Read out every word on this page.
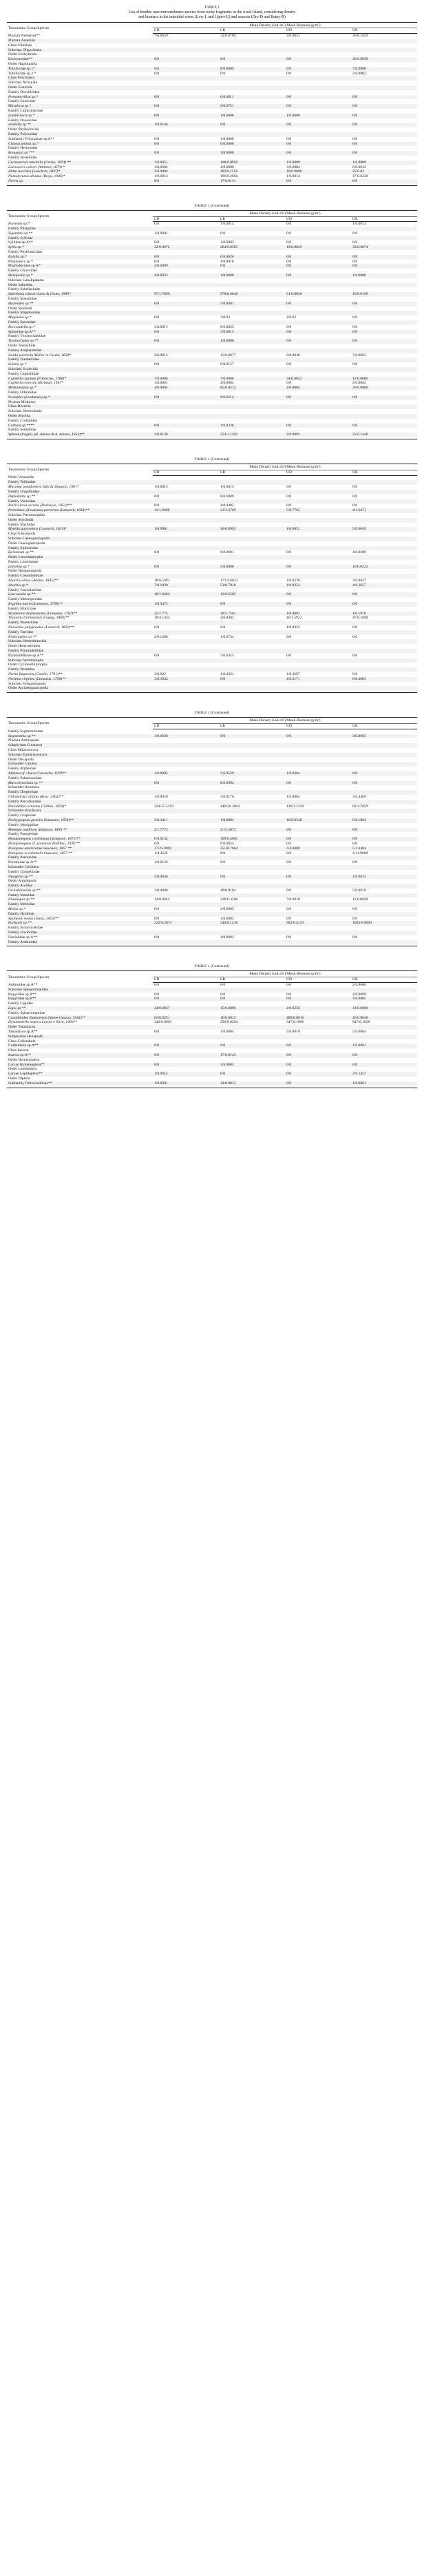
TABLE 1
List of benthic macroinvertebrates species from rocky fragments in the Areal Island, considering density
and biomass in the intertidal zones (Low-L and Upper-U) and seasons (Dry-D and Rainy-R)
Taxonomic Group/Species	Mean Density (ind./m²)/Mean Biomass (g/m²)			
	LD	LR	UD	UR
Phylum Nemertea**	7/0.0059	32/0.0789	3/0.0031	36/0.1629
Phylum Annelida				
Class Clitellata				
Subclass Oligochaeta				
Order Enchytreida				
Enchytreidae**	0/0	0/0	0/0	36/0.0039
Order Haplotaxida				
Tubificidae sp.1*	0/0	8/0.0009	0/0	7/0.0008
Tubificidae sp.2 *	0/0	0/0	0/0	2/0.0002
Class Polychaeta				
Subclass Aciculata				
Order Eunicida				
Family Dorvilleidae				
Protodorvillea sp.*	0/0	6/0.0011	0/0	0/0
Family Eunicidae				
Marphysa sp.*	0/0	2/0.0751	0/0	0/0
Family Lumbrineridae				
Lumbrineris sp.*	0/0	1/0.0008	1/0.0008	0/0
Family Oenonidae				
Arabella sp.**	1/0.0166	0/0	0/0	0/0
Order Phyllodocida				
Family Polynoidae				
Subfamily Polynoinae sp.A**	0/0	1/0.0008	0/0	0/0
Chaetacanthus sp.*	0/0	6/0.0068	0/0	0/0
Family Hesionidae				
Bonuania sp.***	0/0	1/0.0008	0/0	0/0
Family Nereididae				
Ceratonereis mirabilis (Grube, 1874) **	1/0.0051	108/0.0956	1/0.0009	1/0.0009
Laeonereis culveri (Webster, 1879) *	1/0.0002	4/0.0008	3/0.0004	6/0.0012
Alitta succinea (Leuckart, 1847)*	2/0.0004	282/0.1556	10/0.0096	35/0.02
Namalycastis abiuma (Rioja, 1946)*	1/0.0014	186/0.2604	1/0.0014	17/0.0238
Nereis sp.	0/0	17/0.0131	0/0	0/0

TABLE 1 (Continued)
Taxonomic Group/Species	Mean Density (ind./m²)/Mean Biomass (g/m²)			
	LD	LR	UD	UR
Paraonis sp.*	0/0	1/0.0014	0/0	1/0.0014
Family Pilargidae				
Sigambra sp.**	1/0.0001	0/0	0/0	0/0
Family Syllidae				
Syllidae sp.A**	0/0	1/0.0003	0/0	0/0
Syllis sp.*	22/0.0072	264/0.0565	19/0.0043	33/0.0074
Family Phyllodocidae				
Eulalia sp.*	0/0	6/0.0026	0/0	0/0
Phyllodoce sp.*	0/0	4/0.0018	0/0	0/0
Phyllodocidae sp.A*	2/0.0009	0/0	0/0	0/0
Family Glyceridae				
Hemipodia sp.*	4/0.0022	1/0.0006	0/0	1/0.0006
Subclass Canalipalpata				
Order Sabellida				
Family Sabellariidae				
Sabellaria wilsoni Lana & Gruet, 1989*	97/1.7699	978/0.6648	51/0.0036	16/0.0199
Family Serpulidae				
Hydroides sp.**	0/0	5/0.0081	0/0	0/0
Order Spionida				
Family Magelonidae				
Magelona sp.*	0/0	3/0.03	2/0.02	0/0
Family Spionidae				
Boccardiella sp.*	3/0.0015	6/0.0025	0/0	0/0
Spionidae sp.A**	0/0	3/0.0013	0/0	0/0
Family Trochochaetidae				
Trochochaeta sp.**	0/0	1/0.0008	0/0	0/0
Order Terebellida				
Family Ampharetidae				
Isolda pulchella Müller in Grube, 1858*	2/0.0013	15/0.0077	6/0.0038	7/0.0063
Family Terebellidae				
Loimia sp.*	0/0	9/0.0157	0/0	0/0
Subclass Scolecida				
Family Capitellidae				
Capitella capitata (Fabricius, 1780)*	7/0.0008	7/0.0008	34/0.0042	11/0.0006
Capitella ovincola Hartman, 1947*	1/0.0001	4/0.0004	0/0	2/0.0002
Mediomastus sp.*	4/0.0004	85/0.0212	2/0.0004	26/0.0006
Family Orbiniidae				
Scoloplos (Leodamas) sp.*	0/0	6/0.0214	0/0	0/0
Phylum Mollusca				
Class Bivalvia				
Subclass Heterodonta				
Order Myoida				
Family Corbulidae				
Corbula sp.****	0/0	1/0.0226	0/0	0/0
Family Semelidae				
Sphenia fragilis (H. Adams & A. Adams, 1854)**	3/0.0139	254/1.1492	2/0.0093	25/0.1446

TABLE 1 (Continued)
Taxonomic Group/Species	Mean Density (ind./m²)/Mean Biomass (g/m²)			
	LD	LR	UD	UR
Order Veneroida				
Family Tellinidae				
Macoma pseudomera Dall & Simpson, 1901*	1/0.0013	1/0.0013	0/0	0/0
Family Ungulinidae				
Diplodonta sp.**	0/0	8/0.6889	0/0	0/0
Family Veneridae				
Petricolaria serrata (Deshayes, 1853)*/*	0/0	4/0.4482	0/0	0/0
Protothaca (Leukoma) pectorina (Lamarck, 1818)**	11/1.9668	21/2.3769	5/0.7765	4/1.6471
Subclass Pteriomorphia				
Order Mytiloida				
Family Mytilidae				
Mytella guyanensis (Lamarck, 1819)*	1/0.0081	30/0.0992	1/0.0031	5/0.0049
Class Gastropoda				
Subclass Caenogastropoda				
Order Caenogastropoda				
Family Epitoniidae				
Epitonium sp.**	0/0	6/0.0601	0/0	4/0.0309
Order Littorinimorpha				
Family Littorinidae				
Littorina sp.*	0/0	5/0.0086	0/0	16/0.0222
Order Neogastropoda				
Family Columbellidae				
Anachis obesa (Adams, 1845)**	18/0.5491	171/4.6033	1/0.0276	3/0.0827
Anachis sp.*	7/0.1839	53/0.7918	1/0.0254	4/0.2657
Family Fasciolariidae				
Leucozonia sp.**	18/1.9462	12/0.6582	0/0	0/0
Family Melongenidae				
Pugilina morio (Linnaeus, 1758)**	1/0.5474	0/0	0/0	0/0
Family Muricidae				
Stramonita haemastoma (Linnaeus, 1767)**	25/7.774	36/2.7501	1/0.0003	1/0.1918
Thaisella trinitatensis (Guppy, 1869)**	10/4.1444	4/0.8402	10/1.5922	47/8.1098
Family Nassariidae				
Nassarius polygonatus (Lamarck, 1822)**	0/0	0/0	1/0.0333	0/0
Family Turridae				
Pilsbryspira sp.**	2/0.1208	1/0.0734	0/0	0/0
Subclass Heterobranchia				
Order Heterostropha				
Family Pyramidellidae				
Pyramidellidae sp.A**	0/0	5/0.0455	0/0	0/0
Subclass Neritimorpha				
Order Cycloneritimorpha				
Family Neritidae				
Nerita fulgurans (Gmelin, 1791)**	2/0.922	1/0.0321	1/0.4297	0/0
Neritina virginea (Linnaeus, 1758)**	3/0.3942	0/0	4/0.2171	8/0.4603
Subclass Vetigastropoda				
Order Archaeogastropoda				

TABLE 1 (Continued)
Taxonomic Group/Species	Mean Density (ind./m²)/Mean Biomass (g/m²)			
	LD	LR	UD	UR
Family Segmentinidae				
Segmentina sp.**	1/0.0028	0/0	0/0	3/0.0083
Phylum Arthropoda				
Subphylum Crustacea				
Class Malacostraca				
Subclass Eumalacostraca				
Order Decapoda				
Infraorder Caridea				
Family Alpheidae				
Alpheus cf. chacei Carvacho, 1979**	1/0.0095	5/0.9529	1/0.0364	0/0
Family Palaemonidae				
Macrobrachium sp.**	0/0	8/0.0994	0/0	0/0
Infraorder Anomura				
Family Diogenidae				
Clibanarius vittatus (Bosc, 1802)**	1/0.0059	3/0.0176	1/0.0084	3/0.4469
Family Porcellanidae				
Petrolisthes armatus (Gibbes, 1850)*	324/25.5183	449/26.3004	126/3.1339	82/4.7859
Infraorder Brachyura				
Family Grapsidae				
Pachygrapsus gracilis (Saussure, 1858)**	3/0.3411	1/0.0003	10/0.9548	6/0.1994
Family Menippidae				
Menippe nodifrons Stimpson, 1859 **	2/1.7775	2/15.5072	0/0	0/0
Family Panopeidae				
Hexapanopeus caribbaeus (Stimpson, 1871)**	6/0.0134	109/0.4601	0/0	0/0
Hexapanopeus cf. paulensis Rathbun, 1930 **	0/0	6/0.0054	0/0	0/0
Panopeus americanus Saussure, 1857 **	17/25.9092	35/30.7664	3/4.0409	5/1.4404
Panopeus occidentalis Saussure, 1857 **	1/4.4522	0/0	0/0	2/11.9668
Family Portunidae				
Portunidae sp.A**	1/0.0133	0/0	0/0	0/0
Infraorder Gebiidea				
Family Upogebiidae				
Upogebia sp.**	2/0.0046	0/0	0/0	1/0.0023
Order Amphipoda				
Family Aoridae				
Grandidierella sp.**	3/0.0008	49/0.0184	0/0	5/0.0019
Family Maeridae				
Elasmopus sp.**	14/0.0445	228/0.3506	7/0.0018	11/0.0028
Family Melitidae				
Melita sp.*	0/0	2/0.0005	0/0	0/0
Family Hyalidae				
Apohyale media (Dana, 1853)**	0/0	1/0.0005	0/0	0/0
Parhyale sp.**	232/0.2074	349/0.1218	582/0.4119	1065/0.9693
Family Ischyroceridae				
Family Unciolidae				
Unciolidae sp.A**	0/0	4/0.0003	0/0	0/0
Family Anthuridae				

TABLE 1 (Continued)
Taxonomic Group/Species	Mean Density (ind./m²)/Mean Biomass (g/m²)			
	LD	LR	UD	UR
Anthuridae sp.A**	0/0	0/0	0/0	2/0.0008
Suborder Sphaeromatidea				
Bopyridae sp.A**	0/0	0/0	0/0	2/0.0009
Bopyridae sp.B**	0/0	0/0	0/0	1/0.0005
Family Ligiidae				
Ligia sp.**	24/0.0037	15/0.0096	2/0.0256	13/0.0009
Family Sphaeromatidae				
Cassidinidea fluminensis (Mane-Garzon, 1944)**	83/0.0251	16/0.0015	480/0.0016	26/0.0046
Dynamenella tropica Loyola e Silva, 1960**	342/0.0692	293/0.0564	347/0.1096	847/0.1628
Order Tanaidacea				
Tanaidacea sp.A**	0/0	1/0.0004	5/0.0019	5/0.0004
Subphylum Hexapoda				
Class Collembola				
Collembola sp.A**	0/0	0/0	0/0	1/0.0001
Class Insecta				
Insecta sp.A**	0/0	17/0.0145	0/0	0/0
Order Hymenoptera				
Larvae Hymenoptera**	0/0	1/0.0003	0/0	0/0
Order Lepidoptera				
Larvae Lepidoptera**	1/0.0052	0/0	0/0	2/0.1457
Order Diptera				
Subfamily Orthocladiinae**	1/0.0001	14/0.0015	0/0	1/0.0001
